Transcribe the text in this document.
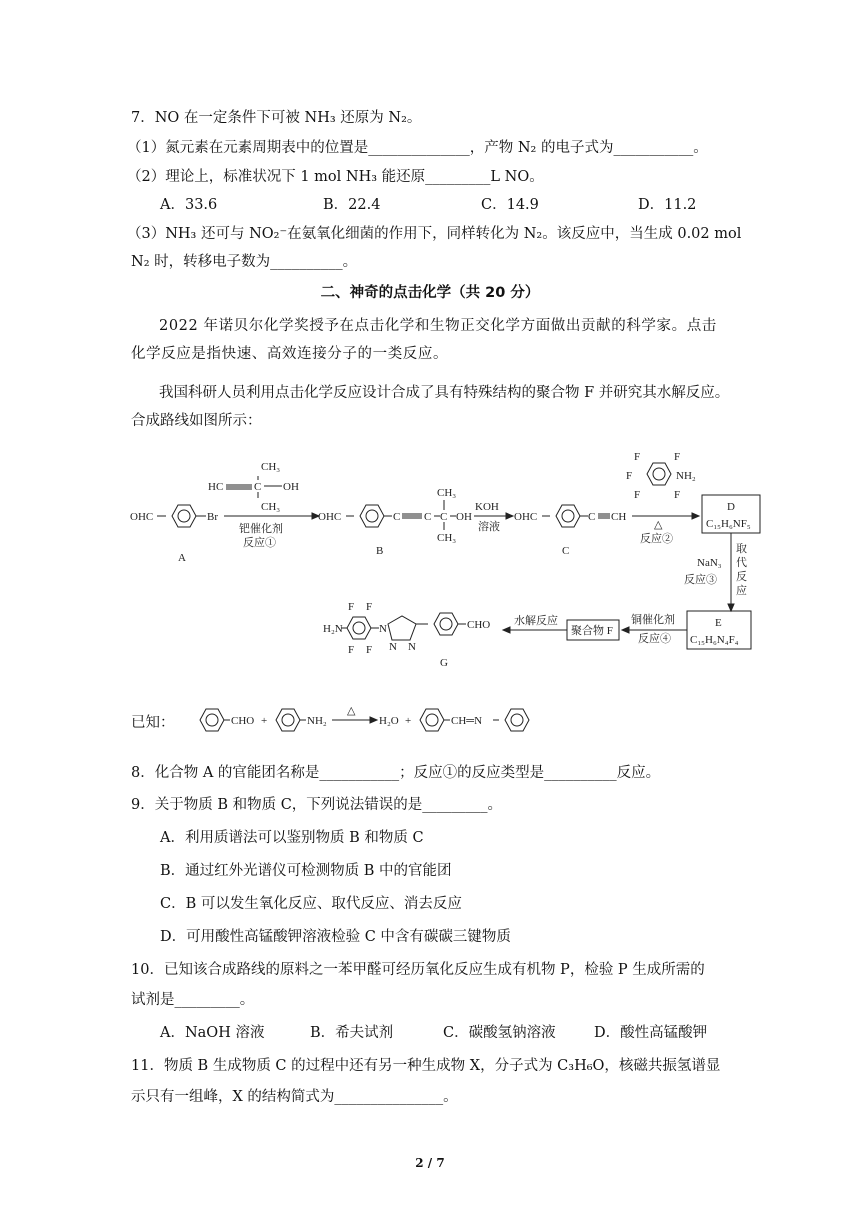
7．NO 在一定条件下可被 NH₃ 还原为 N₂。
（1）氮元素在元素周期表中的位置是______________，产物 N₂ 的电子式为___________。
（2）理论上，标准状况下 1 mol NH₃ 能还原_________L NO。
A．33.6	B．22.4	C．14.9	D．11.2
（3）NH₃ 还可与 NO₂⁻在氨氧化细菌的作用下，同样转化为 N₂。该反应中，当生成 0.02 mol
N₂ 时，转移电子数为__________。
二、神奇的点击化学（共 20 分）
2022 年诺贝尔化学奖授予在点击化学和生物正交化学方面做出贡献的科学家。点击化学反应是指快速、高效连接分子的一类反应。
我国科研人员利用点击化学反应设计合成了具有特殊结构的聚合物 F 并研究其水解反应。合成路线如图所示：
OHC	Br
A
HC	C OH
CH₃
CH₃
钯催化剂
反应①
OHC	C C C OH
CH₃
CH₃
B
KOH
溶液
OHC	C CH
C
F	F
F
F	F
NH₂
△
反应②
D
C₁₅H₆NF₅
NaN₃
反应③
取
代
反
应
E
C₁₅H₆N₄F₄
铜催化剂
反应④
聚合物 F
水解反应
H₂N
F F
F F
N
N N
CHO
G
已知：	CHO +	NH₂
△
H₂O +	CH═N
8．化合物 A 的官能团名称是___________；反应①的反应类型是__________反应。
9．关于物质 B 和物质 C，下列说法错误的是_________。
A．利用质谱法可以鉴别物质 B 和物质 C
B．通过红外光谱仪可检测物质 B 中的官能团
C．B 可以发生氧化反应、取代反应、消去反应
D．可用酸性高锰酸钾溶液检验 C 中含有碳碳三键物质
10．已知该合成路线的原料之一苯甲醛可经历氧化反应生成有机物 P，检验 P 生成所需的
试剂是_________。
A．NaOH 溶液	B．希夫试剂	C．碳酸氢钠溶液	D．酸性高锰酸钾
11．物质 B 生成物质 C 的过程中还有另一种生成物 X，分子式为 C₃H₆O，核磁共振氢谱显
示只有一组峰，X 的结构简式为_______________。
2 / 7
